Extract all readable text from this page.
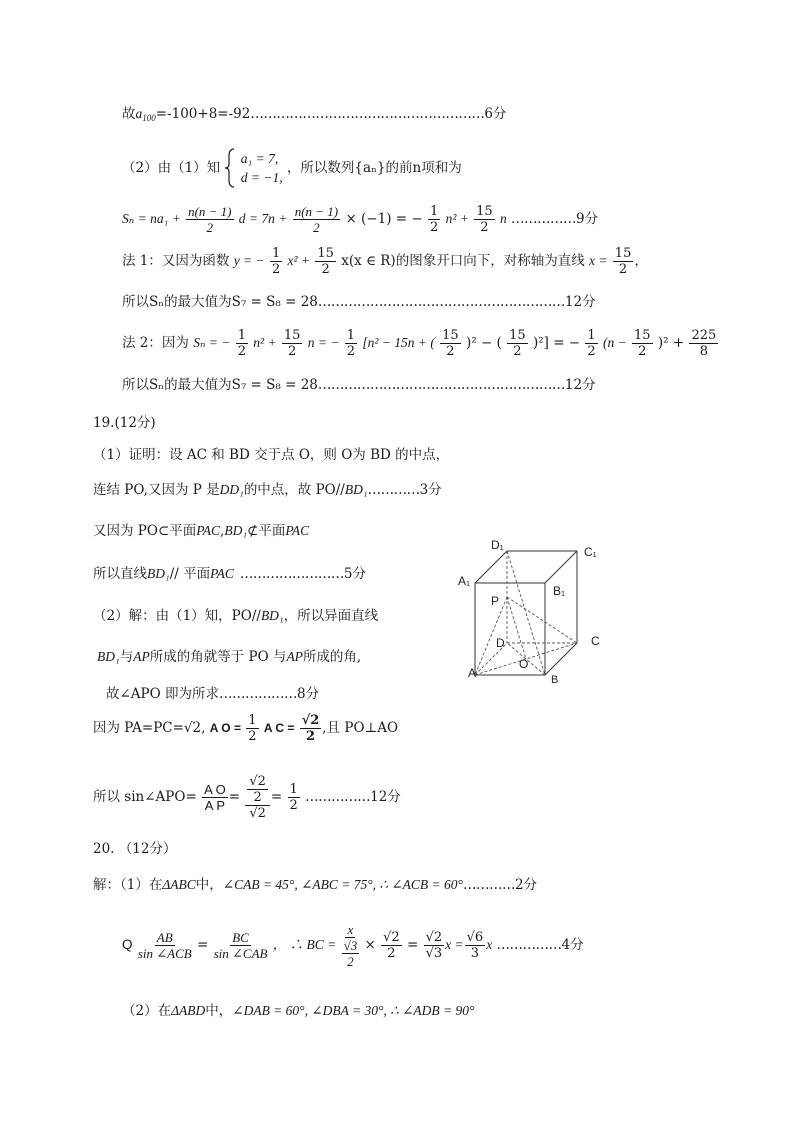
故$a_{100}=-100+8=-92\dots\dots\dots\dots\dots\dots\dots\dots\dots\dots\dots\dots\dots\dots\dots\dots\dots\dots 6$分
（2）由（1）知
a₁ = 7,
d = −1,
，所以数列{aₙ}的前n项和为
$S_n = na_1 + \frac{n(n - 1)}{2}$ $d = 7n + \frac{n(n - 1)}{2} \times (-1)$ = − $\frac{1}{2} n^2 + \frac{15}{2}$ n ……………9分
法 1：又因为函数 y = − $\frac{1}{2} x^2 + \frac{15}{2} x(x$ ∈ R)的图象开口向下，对称轴为直线 $x = \frac{15}{2}$ ，
所以Sₙ的最大值为S₇ = S₈ = 28…………………………………………………12分
法 2：因为 Sₙ = − $\frac{1}{2} n^2 + \frac{15}{2}$ n = − $\frac{1}{2} [n^2 - 15n$ + ( $\frac{15}{2} )^2$ − ( $\frac{15}{2} )^2$] = − $\frac{1}{2} (n - \frac{15}{2} )^2 + \frac{225}{8}$
所以Sₙ的最大值为S₇ = S₈ = 28…………………………………………………12分
19.(12分)
（1）证明：设 AC 和 BD 交于点 O，则 O为 BD 的中点，
连结 PO,又因为 P 是DD₁的中点，故 PO//BD₁…………3分
又因为 PO⊂平面PAC,BD₁⊄平面PAC
所以直线BD₁// 平面PAC ……………………5分
（2）解：由（1）知，PO//BD₁，所以异面直线
BD₁与AP所成的角就等于 PO 与AP所成的角,
故∠APO 即为所求………………8分
因为 PA=PC=√2, A $O = \frac{1}{2}$ A $C = \frac{√2}{2}$ ,且 PO⊥AO
所以 sin∠APO= $\frac{\text{A O}}{\text{A P}} = \frac{\frac{√2}{2}}{√2} = \frac{1}{2}$ ……………12分
D₁	C₁
A₁
B₁
P
D	C
O
A	B
20. （12分）
解：（1）在ΔABC中，∠CAB = 45°, ∠ABC = 75°, ∴ ∠ACB = 60°…………2分
Q $\frac{AB}{\text{sin ∠ACB}} = \frac{BC}{\text{sin ∠CAB}}$ ， ∴ BC = $\frac{x}{\frac{√3}{2}} \times \frac{√2}{2} = \frac{√2}{√3}$ $x = \frac{√6}{3}$ x ……………4分
（2）在ΔABD中，∠DAB = 60°, ∠DBA = 30°, ∴ ∠ADB = 90°
